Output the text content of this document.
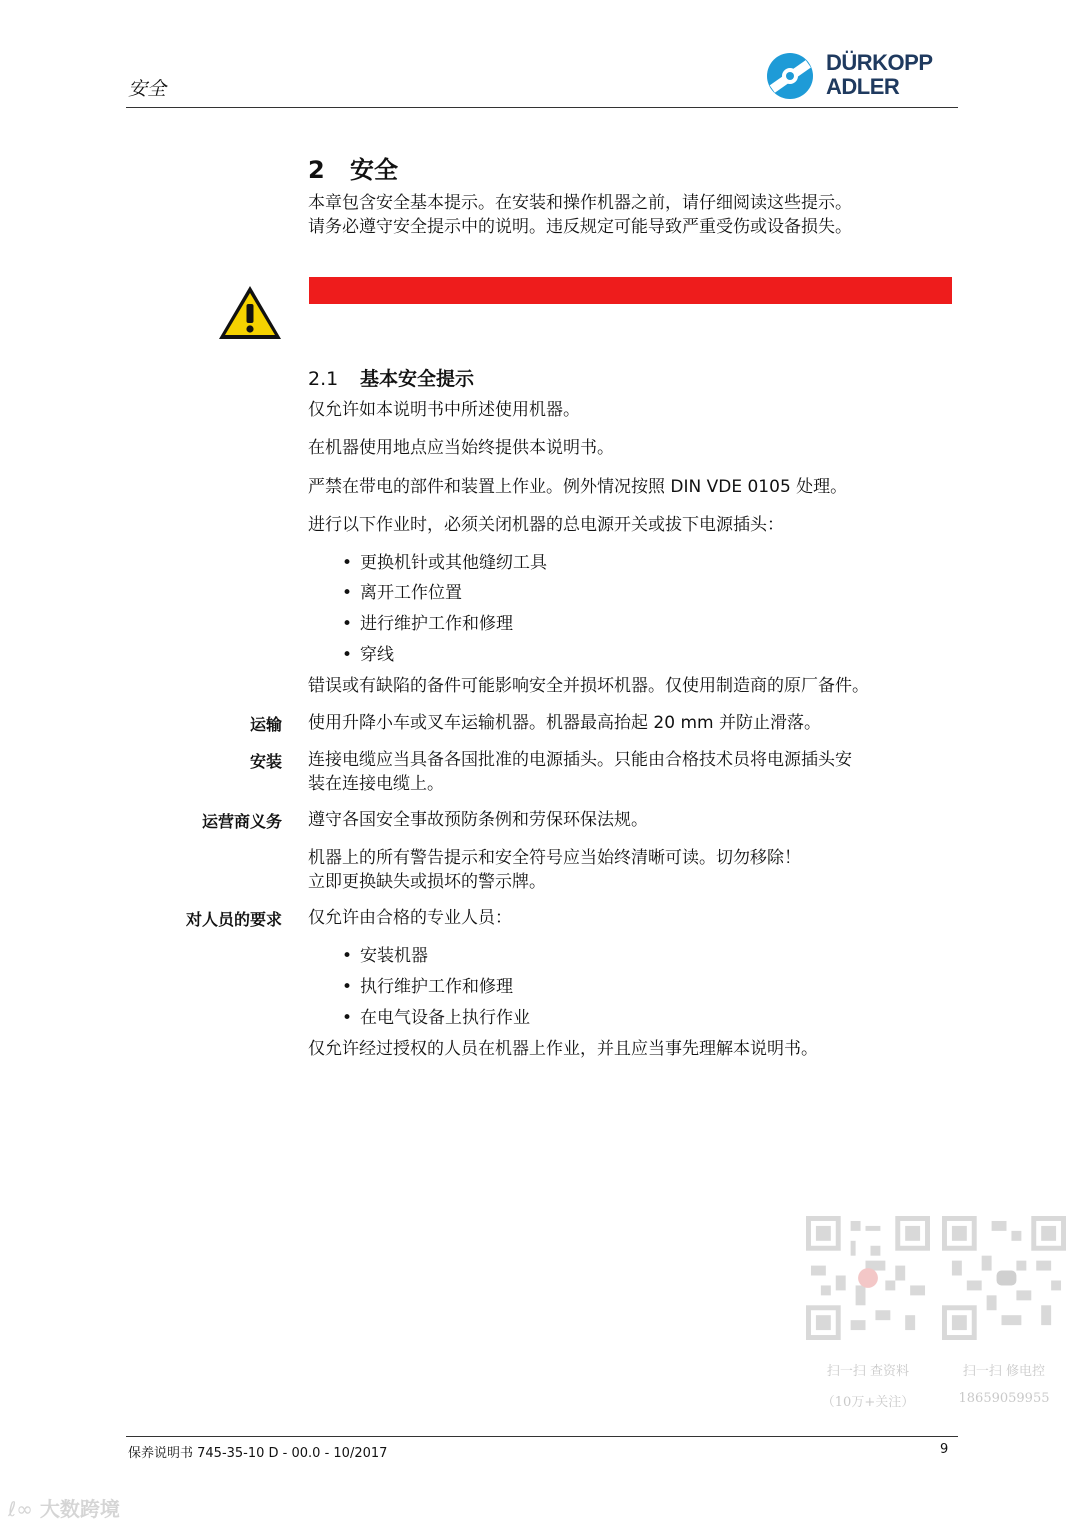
安全
DÜRKOPP
ADLER
2 安全
本章包含安全基本提示。在安装和操作机器之前，请仔细阅读这些提示。
请务必遵守安全提示中的说明。违反规定可能导致严重受伤或设备损失。
2.1 基本安全提示
仅允许如本说明书中所述使用机器。
在机器使用地点应当始终提供本说明书。
严禁在带电的部件和装置上作业。例外情况按照 DIN VDE 0105 处理。
进行以下作业时，必须关闭机器的总电源开关或拔下电源插头：
• 更换机针或其他缝纫工具
• 离开工作位置
• 进行维护工作和修理
• 穿线
错误或有缺陷的备件可能影响安全并损坏机器。仅使用制造商的原厂备件。
运输 使用升降小车或叉车运输机器。机器最高抬起 20 mm 并防止滑落。
安装 连接电缆应当具备各国批准的电源插头。只能由合格技术员将电源插头安
装在连接电缆上。
运营商义务 遵守各国安全事故预防条例和劳保环保法规。
机器上的所有警告提示和安全符号应当始终清晰可读。切勿移除！
立即更换缺失或损坏的警示牌。
对人员的要求 仅允许由合格的专业人员：
• 安装机器
• 执行维护工作和修理
• 在电气设备上执行作业
仅允许经过授权的人员在机器上作业，并且应当事先理解本说明书。
扫一扫 查资料
（10万+关注）
扫一扫 修电控
18659059955
保养说明书 745-35-10 D - 00.0 - 10/2017	9
ℓ∞ 大数跨境
